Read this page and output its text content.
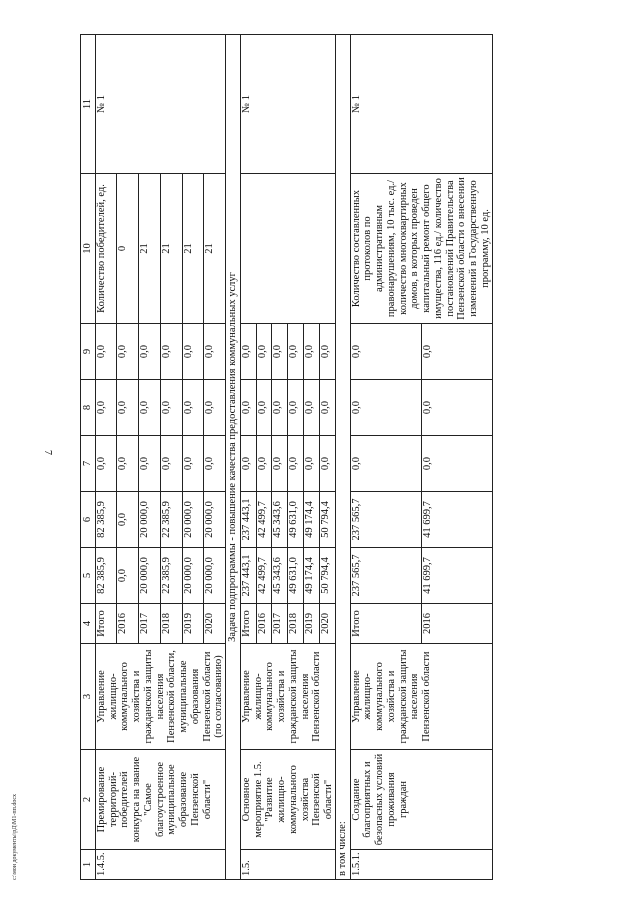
7
c:\мои документы\рД\М1-пп.docx	1	2	3	4	5	6	7	8	9	10	11
1.4.5.	Премирование территорий-победителей конкурса на звание "Самое благоустроенное муниципальное образование Пензенской области"	Управление жилищно-коммунального хозяйства и гражданской защиты населения Пензенской области, муниципальные образования Пензенской области (по согласованию)	Итого	82 385,9	82 385,9	0,0	0,0	0,0	Количество победителей, ед.	№ 1
			2016	0,0	0,0	0,0	0,0	0,0	0	
			2017	20 000,0	20 000,0	0,0	0,0	0,0	21	
			2018	22 385,9	22 385,9	0,0	0,0	0,0	21	
			2019	20 000,0	20 000,0	0,0	0,0	0,0	21	
			2020	20 000,0	20 000,0	0,0	0,0	0,0	21	
Задача подпрограммы - повышение качества предоставления коммунальных услуг										
1.5.	Основное мероприятие 1.5. "Развитие жилищно-коммунального хозяйства Пензенской области"	Управление жилищно-коммунального хозяйства и гражданской защиты населения Пензенской области	Итого	237 443,1	237 443,1	0,0	0,0	0,0		№ 1
			2016	42 499,7	42 499,7	0,0	0,0	0,0		
			2017	45 343,6	45 343,6	0,0	0,0	0,0		
			2018	49 631,0	49 631,0	0,0	0,0	0,0		
			2019	49 174,4	49 174,4	0,0	0,0	0,0		
			2020	50 794,4	50 794,4	0,0	0,0	0,0		
в том числе:										
1.5.1.	Создание благоприятных и безопасных условий проживания граждан	Управление жилищно-коммунального хозяйства и гражданской защиты населения Пензенской области	Итого	237 565,7	237 565,7	0,0	0,0	0,0	Количество составленных протоколов по административным правонарушениям, 10 тыс. ед./ количество многоквартирных домов, в которых проведен капитальный ремонт общего имущества, 116 ед./ количество постановлений Правительства Пензенской области о внесении изменений в Государственную программу, 10 ед.	№ 1
			2016	41 699,7	41 699,7	0,0	0,0	0,0		
